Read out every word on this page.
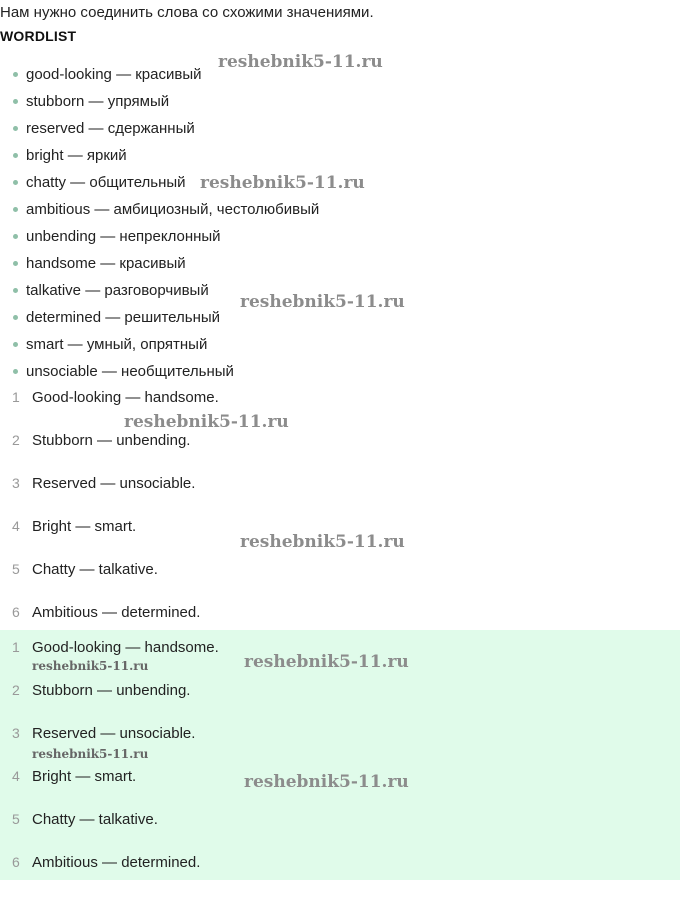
Нам нужно соединить слова со схожими значениями.
WORDLIST
good-looking — красивый
stubborn — упрямый
reserved — сдержанный
bright — яркий
chatty — общительный
ambitious — амбициозный, честолюбивый
unbending — непреклонный
handsome — красивый
talkative — разговорчивый
determined — решительный
smart — умный, опрятный
unsociable — необщительный
1 Good-looking — handsome.
2 Stubborn — unbending.
3 Reserved — unsociable.
4 Bright — smart.
5 Chatty — talkative.
6 Ambitious — determined.
1 Good-looking — handsome.
2 Stubborn — unbending.
3 Reserved — unsociable.
4 Bright — smart.
5 Chatty — talkative.
6 Ambitious — determined.
reshebnik5-11.ru
reshebnik5-11.ru
reshebnik5-11.ru
reshebnik5-11.ru
reshebnik5-11.ru
reshebnik5-11.ru
reshebnik5-11.ru
reshebnik5-11.ru
reshebnik5-11.ru
